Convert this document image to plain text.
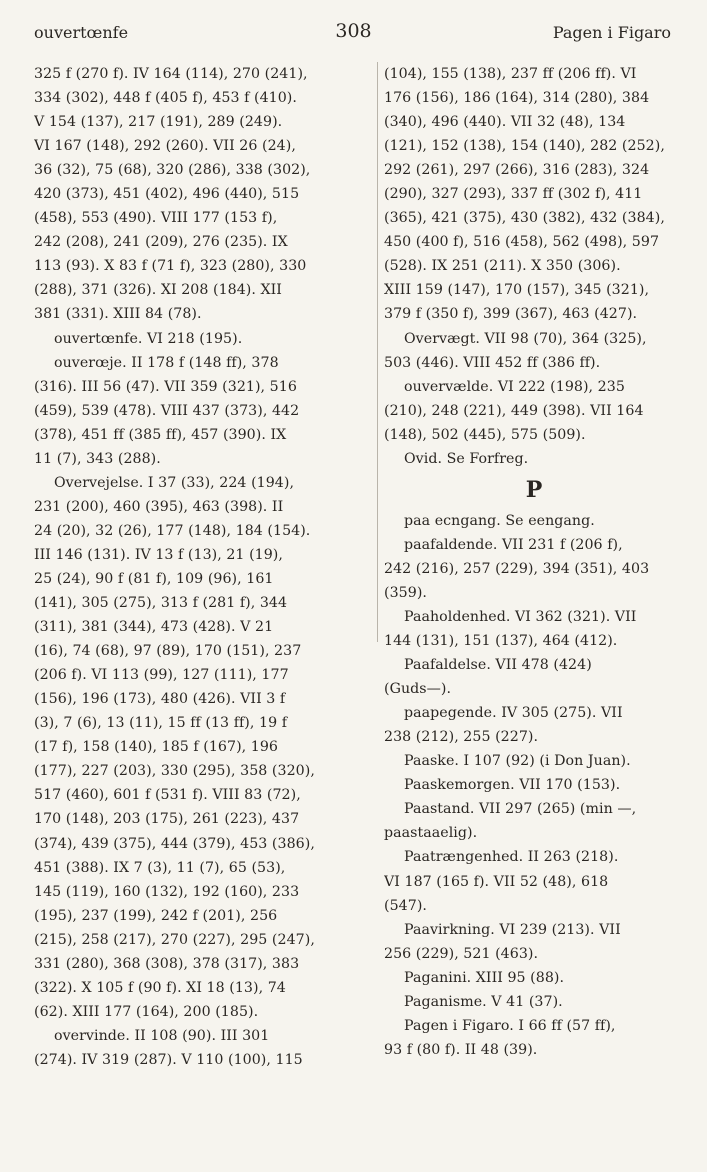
ouvertœnfe	308	Pagen i Figaro
325 f (270 f). IV 164 (114), 270 (241),
334 (302), 448 f (405 f), 453 f (410).
V 154 (137), 217 (191), 289 (249).
VI 167 (148), 292 (260). VII 26 (24),
36 (32), 75 (68), 320 (286), 338 (302),
420 (373), 451 (402), 496 (440), 515
(458), 553 (490). VIII 177 (153 f),
242 (208), 241 (209), 276 (235). IX
113 (93). X 83 f (71 f), 323 (280), 330
(288), 371 (326). XI 208 (184). XII
381 (331). XIII 84 (78).
ouvertœnfe. VI 218 (195).
ouverœje. II 178 f (148 ff), 378
(316). III 56 (47). VII 359 (321), 516
(459), 539 (478). VIII 437 (373), 442
(378), 451 ff (385 ff), 457 (390). IX
11 (7), 343 (288).
Overvejelse. I 37 (33), 224 (194),
231 (200), 460 (395), 463 (398). II
24 (20), 32 (26), 177 (148), 184 (154).
III 146 (131). IV 13 f (13), 21 (19),
25 (24), 90 f (81 f), 109 (96), 161
(141), 305 (275), 313 f (281 f), 344
(311), 381 (344), 473 (428). V 21
(16), 74 (68), 97 (89), 170 (151), 237
(206 f). VI 113 (99), 127 (111), 177
(156), 196 (173), 480 (426). VII 3 f
(3), 7 (6), 13 (11), 15 ff (13 ff), 19 f
(17 f), 158 (140), 185 f (167), 196
(177), 227 (203), 330 (295), 358 (320),
517 (460), 601 f (531 f). VIII 83 (72),
170 (148), 203 (175), 261 (223), 437
(374), 439 (375), 444 (379), 453 (386),
451 (388). IX 7 (3), 11 (7), 65 (53),
145 (119), 160 (132), 192 (160), 233
(195), 237 (199), 242 f (201), 256
(215), 258 (217), 270 (227), 295 (247),
331 (280), 368 (308), 378 (317), 383
(322). X 105 f (90 f). XI 18 (13), 74
(62). XIII 177 (164), 200 (185).
overvinde. II 108 (90). III 301
(274). IV 319 (287). V 110 (100), 115
(104), 155 (138), 237 ff (206 ff). VI
176 (156), 186 (164), 314 (280), 384
(340), 496 (440). VII 32 (48), 134
(121), 152 (138), 154 (140), 282 (252),
292 (261), 297 (266), 316 (283), 324
(290), 327 (293), 337 ff (302 f), 411
(365), 421 (375), 430 (382), 432 (384),
450 (400 f), 516 (458), 562 (498), 597
(528). IX 251 (211). X 350 (306).
XIII 159 (147), 170 (157), 345 (321),
379 f (350 f), 399 (367), 463 (427).
Overvægt. VII 98 (70), 364 (325),
503 (446). VIII 452 ff (386 ff).
ouvervælde. VI 222 (198), 235
(210), 248 (221), 449 (398). VII 164
(148), 502 (445), 575 (509).
Ovid. Se Forfreg.
P
paa ecngang. Se eengang.
paafaldende. VII 231 f (206 f),
242 (216), 257 (229), 394 (351), 403
(359).
Paaholdenhed. VI 362 (321). VII
144 (131), 151 (137), 464 (412).
Paafaldelse. VII 478 (424)
(Guds—).
paapegende. IV 305 (275). VII
238 (212), 255 (227).
Paaske. I 107 (92) (i Don Juan).
Paaskemorgen. VII 170 (153).
Paastand. VII 297 (265) (min —,
paastaaelig).
Paatrængenhed. II 263 (218).
VI 187 (165 f). VII 52 (48), 618
(547).
Paavirkning. VI 239 (213). VII
256 (229), 521 (463).
Paganini. XIII 95 (88).
Paganisme. V 41 (37).
Pagen i Figaro. I 66 ff (57 ff),
93 f (80 f). II 48 (39).
